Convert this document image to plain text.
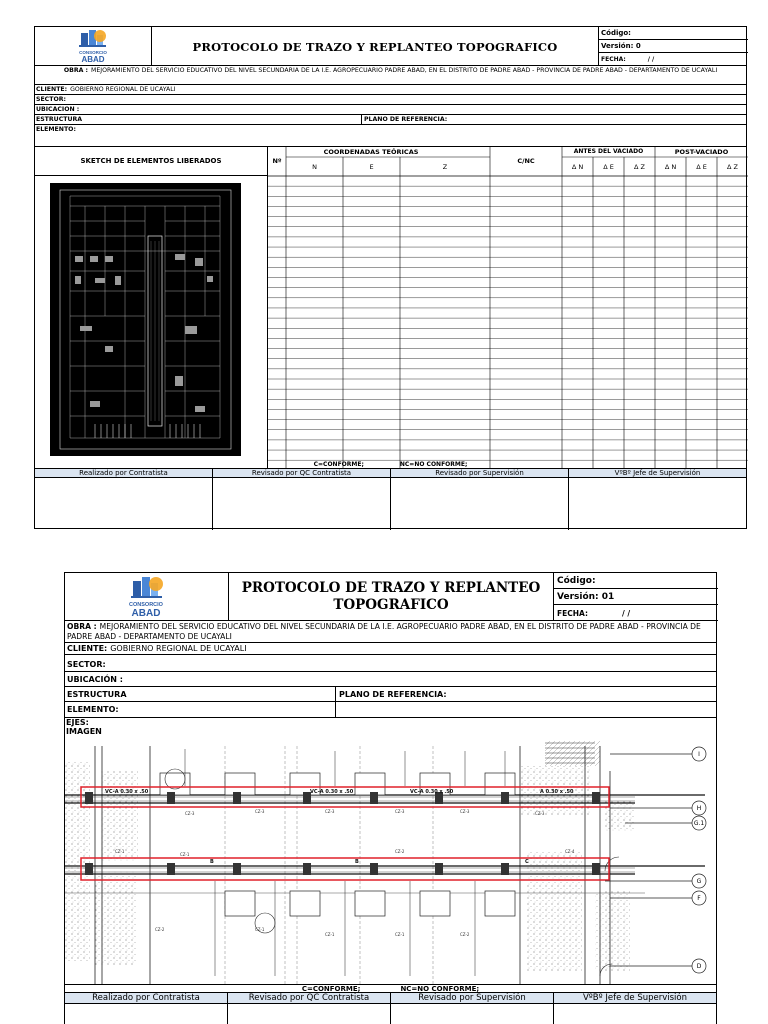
CONSORCIO
ABAD
PROTOCOLO DE TRAZO Y REPLANTEO TOPOGRAFICO
Código:
Versión: 0
FECHA:	/ /
OBRA : MEJORAMIENTO DEL SERVICIO EDUCATIVO DEL NIVEL SECUNDARIA DE LA I.E. AGROPECUARIO PADRE ABAD, EN EL DISTRITO DE PADRE ABAD - PROVINCIA DE PADRE ABAD - DEPARTAMENTO DE UCAYALI
CLIENTE: GOBIERNO REGIONAL DE UCAYALI
SECTOR:
UBICACION :
ESTRUCTURA	PLANO DE REFERENCIA:
ELEMENTO:
SKETCH DE ELEMENTOS LIBERADOS	Nº
COORDENADAS TEÓRICAS
N	E	Z
C/NC
ANTES DEL VACIADO	POST-VACIADO
Δ N	Δ E	Δ Z	Δ N	Δ E	Δ Z
C=CONFORME;	NC=NO CONFORME;
Realizado por Contratista	Revisado por QC Contratista	Revisado por Supervisión	VºBº Jefe de Supervisión
CONSORCIO
ABAD
PROTOCOLO DE TRAZO Y REPLANTEO TOPOGRAFICO
Código:
Versión: 01
FECHA:	/ /
OBRA : MEJORAMIENTO DEL SERVICIO EDUCATIVO DEL NIVEL SECUNDARIA DE LA I.E. AGROPECUARIO PADRE ABAD, EN EL DISTRITO DE PADRE ABAD - PROVINCIA DE PADRE ABAD - DEPARTAMENTO DE UCAYALI
CLIENTE: GOBIERNO REGIONAL DE UCAYALI
SECTOR:
UBICACIÓN :
ESTRUCTURA	PLANO DE REFERENCIA:
ELEMENTO:
EJES:
IMAGEN
CZ-3	CZ-3	CZ-3	CZ-3	CZ-3	CZ-3
CZ-1
CZ-1
CZ-2
CZ-1
CZ-1	CZ-1
CZ-2
CZ-2
CZ-4
VC-A 0.30 x .50	VC-A 0.30 x .50	VC-A 0.30 x .50
B	B	C
A 0.30 x .50
I
H
G.1
G
F
D
C=CONFORME;	NC=NO CONFORME;
Realizado por Contratista	Revisado por QC Contratista	Revisado por Supervisión	VºBº Jefe de Supervisión
